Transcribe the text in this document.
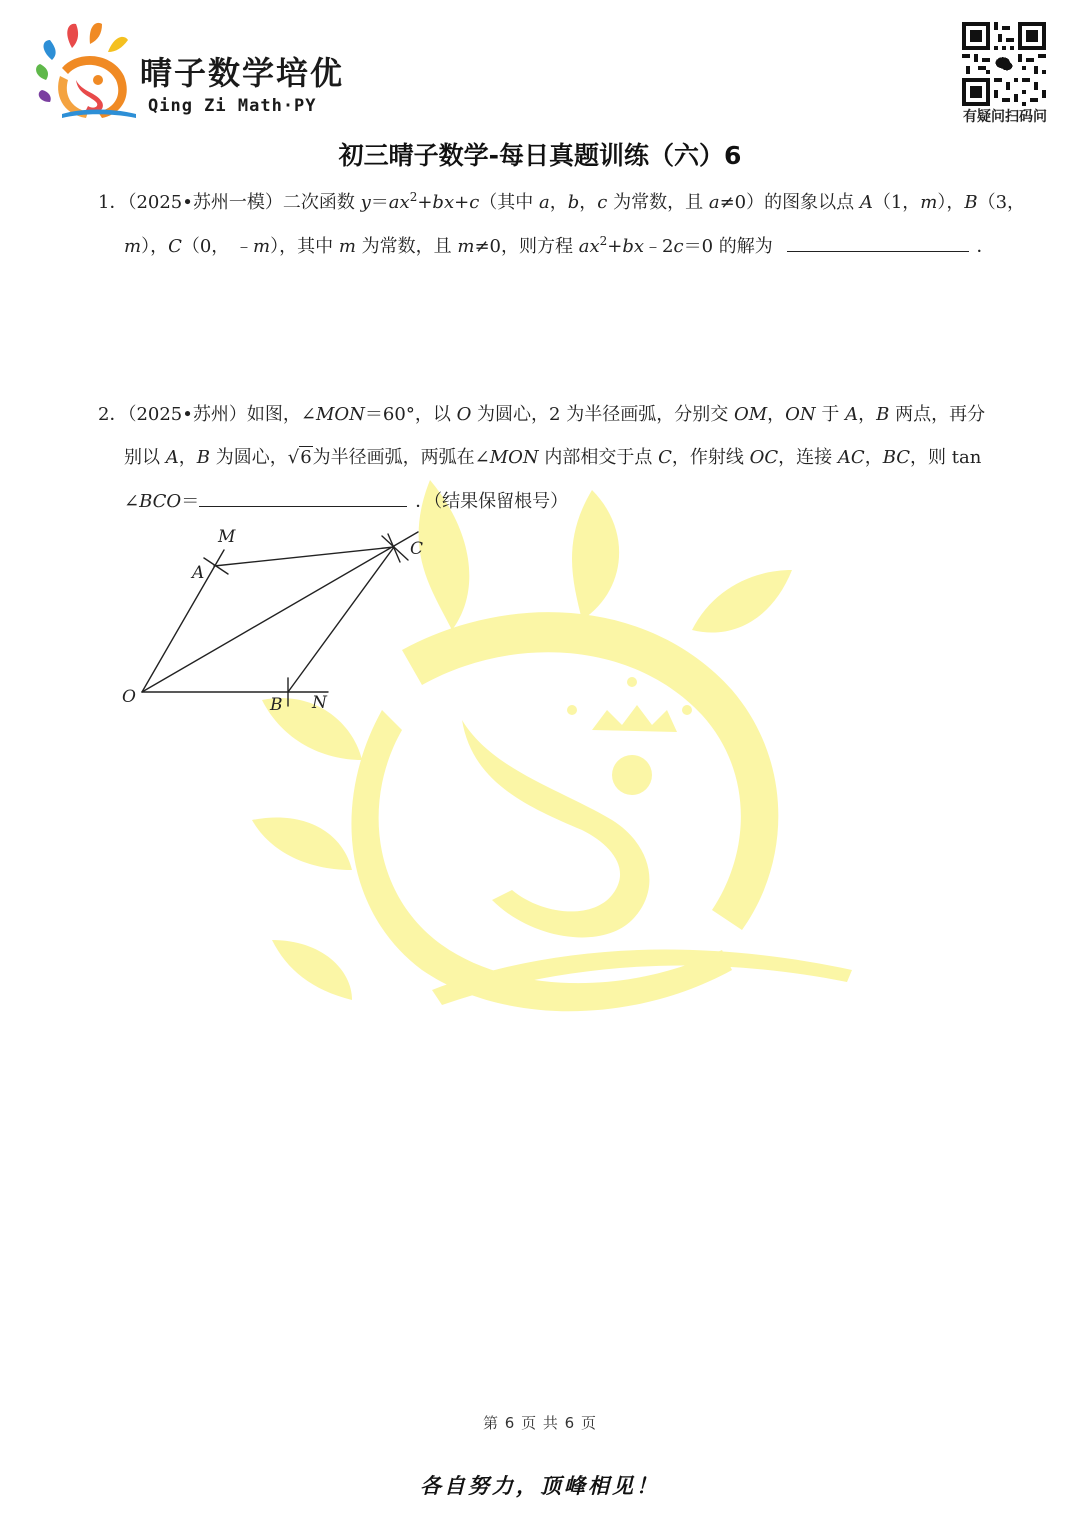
晴子数学培优
Qing Zi Math·PY
有疑问扫码问
初三晴子数学-每日真题训练（六）6
1．（2025•苏州一模）二次函数 $y=ax^2+bx+c$（其中 a，b，c 为常数，且 a≠0）的图象以点 A（1，m），B（3，
m），C（0， ﹣m），其中 m 为常数，且 m≠0，则方程 $ax^2+bx﹣2c=0$ 的解为	．
2．（2025•苏州）如图，∠MON＝60°，以 O 为圆心，2 为半径画弧，分别交 OM，ON 于 A，B 两点，再分
别以 A，B 为圆心，√6为半径画弧，两弧在∠MON 内部相交于点 C，作射线 OC，连接 AC，BC，则 tan
∠BCO＝	．（结果保留根号）
M
A
C
O	B N
第 6 页 共 6 页
各自努力，顶峰相见！
